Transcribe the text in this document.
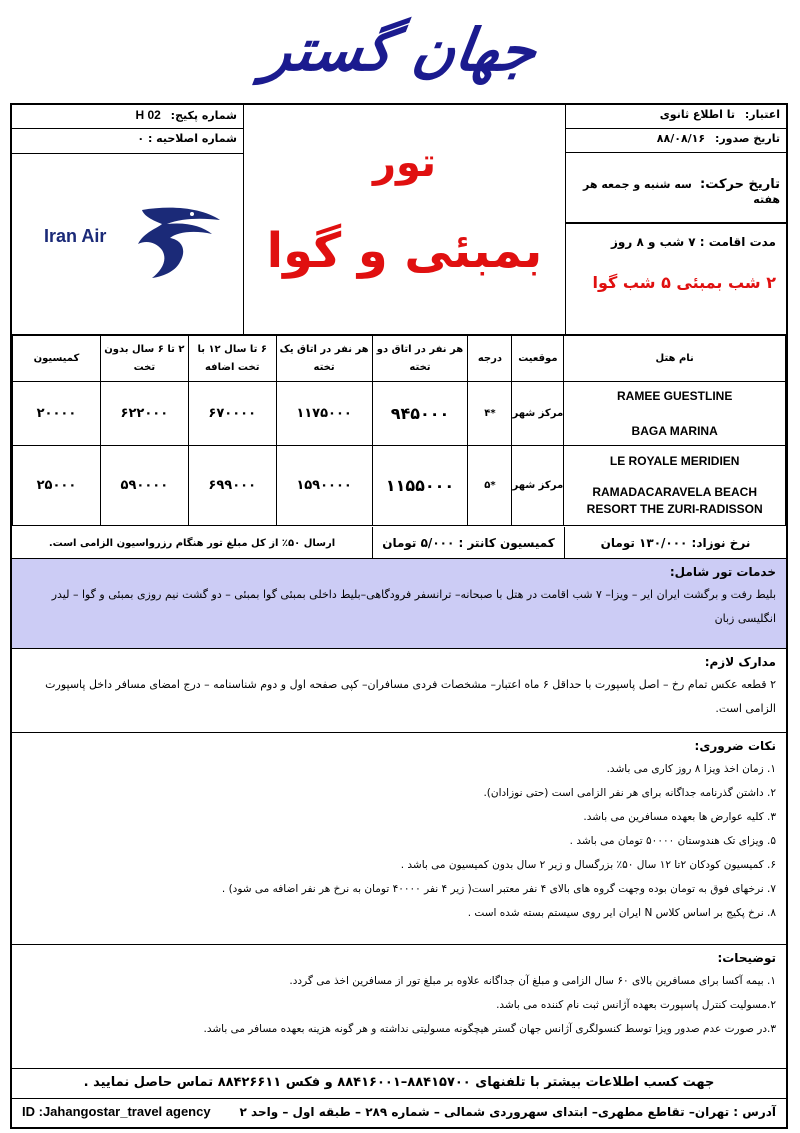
جهان گستر
شماره پکیج: H 02
شماره اصلاحیه : ۰
Iran Air
تور
بمبئی و گوا
اعتبار: تا اطلاع ثانوی
تاریخ صدور: ۸۸/۰۸/۱۶
تاریخ حرکت: سه شنبه و جمعه هر هفته
مدت اقامت : ۷ شب و ۸ روز
۲ شب بمبئی ۵ شب گوا
نام هتل	موقعیت	درجه	هر نفر در اتاق دو تخته	هر نفر در اتاق یک تخته	۶ تا سال ۱۲ با تخت اضافه	۲ تا ۶ سال بدون تخت	کمیسیون

RAMEE GUESTLINE
BAGA MARINA	مرکز شهر	*۴	۹۴۵۰۰۰	۱۱۷۵۰۰۰	۶۷۰۰۰۰	۶۲۲۰۰۰	۲۰۰۰۰

LE ROYALE MERIDIEN
RAMADACARAVELA BEACH
RESORT THE ZURI-RADISSON	مرکز شهر	*۵	۱۱۵۵۰۰۰	۱۵۹۰۰۰۰	۶۹۹۰۰۰	۵۹۰۰۰۰	۲۵۰۰۰
نرخ نوزاد: ۱۳۰/۰۰۰ تومان
کمیسیون کانتر : ۵/۰۰۰ تومان
ارسال ۵۰٪ از کل مبلغ تور هنگام رزرواسیون الزامی است.
خدمات تور شامل:

بلیط رفت و برگشت ایران ایر – ویزا– ۷ شب اقامت در هتل با صبحانه– ترانسفر فرودگاهی–بلیط داخلی بمبئی گوا بمبئی – دو گشت نیم روزی بمبئی و گوا – لیدر انگلیسی زبان

مدارک لازم:

۲ قطعه عکس تمام رخ – اصل پاسپورت با حداقل ۶ ماه اعتبار– مشخصات فردی مسافران– کپی صفحه اول و دوم شناسنامه – درج امضای مسافر داخل پاسپورت الزامی است.

نکات ضروری:
۱. زمان اخذ ویزا ۸ روز کاری می باشد.
۲. داشتن گذرنامه جداگانه برای هر نفر الزامی است (حتی نوزادان).
۳. کلیه عوارض ها بعهده مسافرین می باشد.
۵. ویزای تک هندوستان ۵۰۰۰۰ تومان می باشد .
۶. کمیسیون کودکان ۲تا ۱۲ سال ۵۰٪ بزرگسال و زیر ۲ سال بدون کمیسیون می باشد .
۷. نرخهای فوق به تومان بوده وجهت گروه های بالای ۴ نفر معتبر است( زیر ۴ نفر ۴۰۰۰۰ تومان به نرخ هر نفر اضافه می شود) .
۸. نرخ پکیج بر اساس کلاس N ایران ایر روی سیستم بسته شده است .
توضیحات:
۱. بیمه آکسا برای مسافرین بالای ۶۰ سال الزامی و مبلغ آن جداگانه علاوه بر مبلغ تور از مسافرین اخذ می گردد.
۲.مسولیت کنترل پاسپورت بعهده آژانس ثبت نام کننده می باشد.
۳.در صورت عدم صدور ویزا توسط کنسولگری آژانس جهان گستر هیچگونه مسولیتی نداشته و هر گونه هزینه بعهده مسافر می باشد.
جهت کسب اطلاعات بیشتر با تلفنهای ۸۸۴۱۵۷۰۰–۸۸۴۱۶۰۰۱ و فکس ۸۸۴۲۶۶۱۱ تماس حاصل نمایید .
آدرس : تهران– تقاطع مطهری– ابتدای سهروردی شمالی – شماره ۲۸۹ – طبقه اول – واحد ۲
ID :Jahangostar_travel agency
